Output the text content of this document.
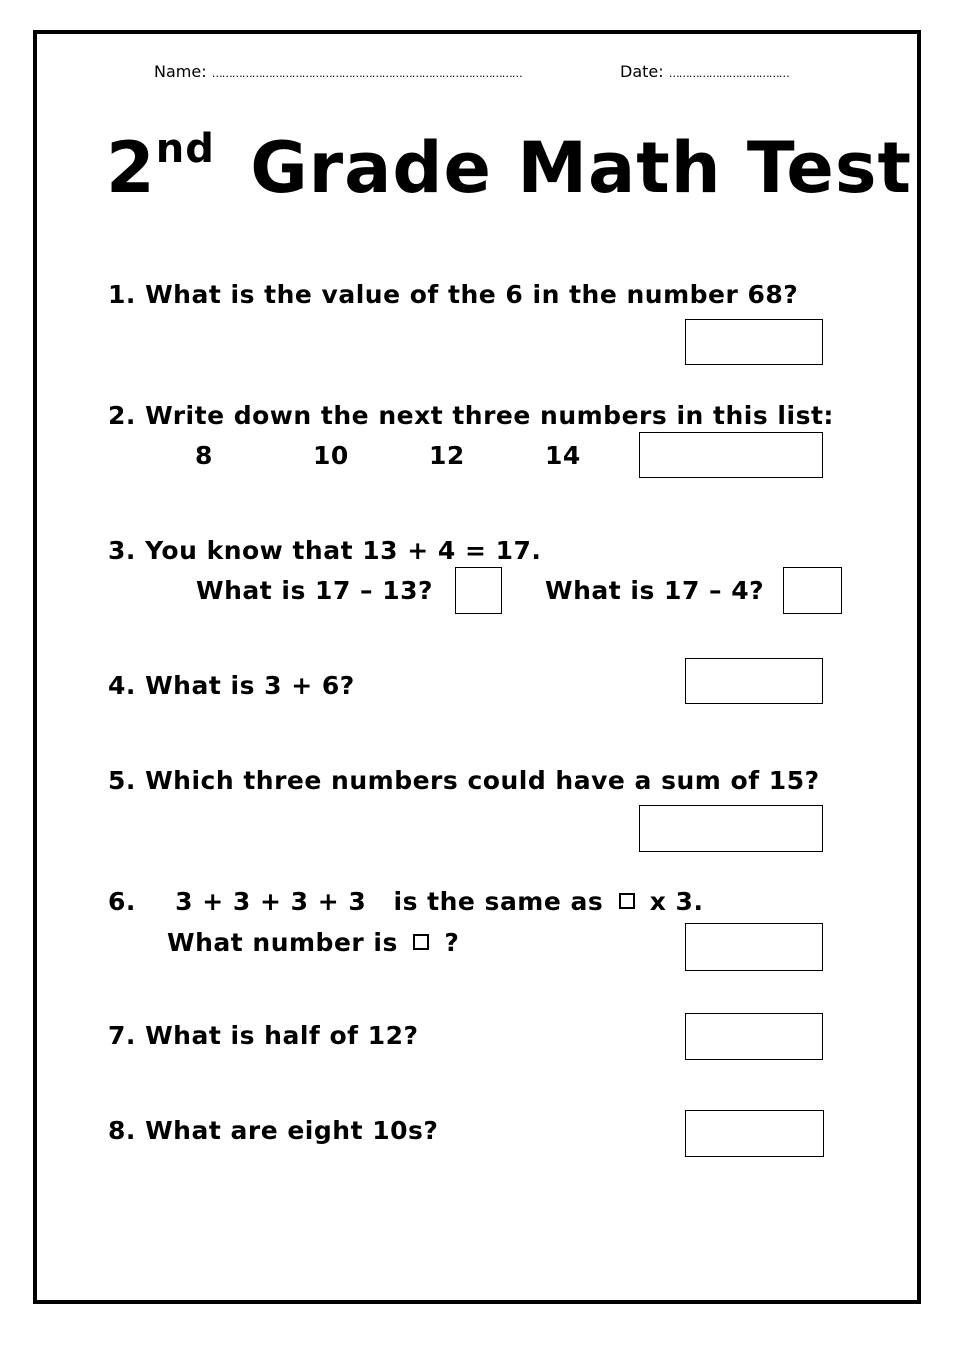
Name: …………………………………………………………………………………	Date: ………………………………
2nd Grade Math Test
1. What is the value of the 6 in the number 68?
2. Write down the next three numbers in this list:
8	10	12	14
3. You know that 13 + 4 = 17.
What is 17 – 13?	What is 17 – 4?
4. What is 3 + 6?
5. Which three numbers could have a sum of 15?
6. 3 + 3 + 3 + 3 is the same as x 3.
What number is ?
7. What is half of 12?
8. What are eight 10s?
